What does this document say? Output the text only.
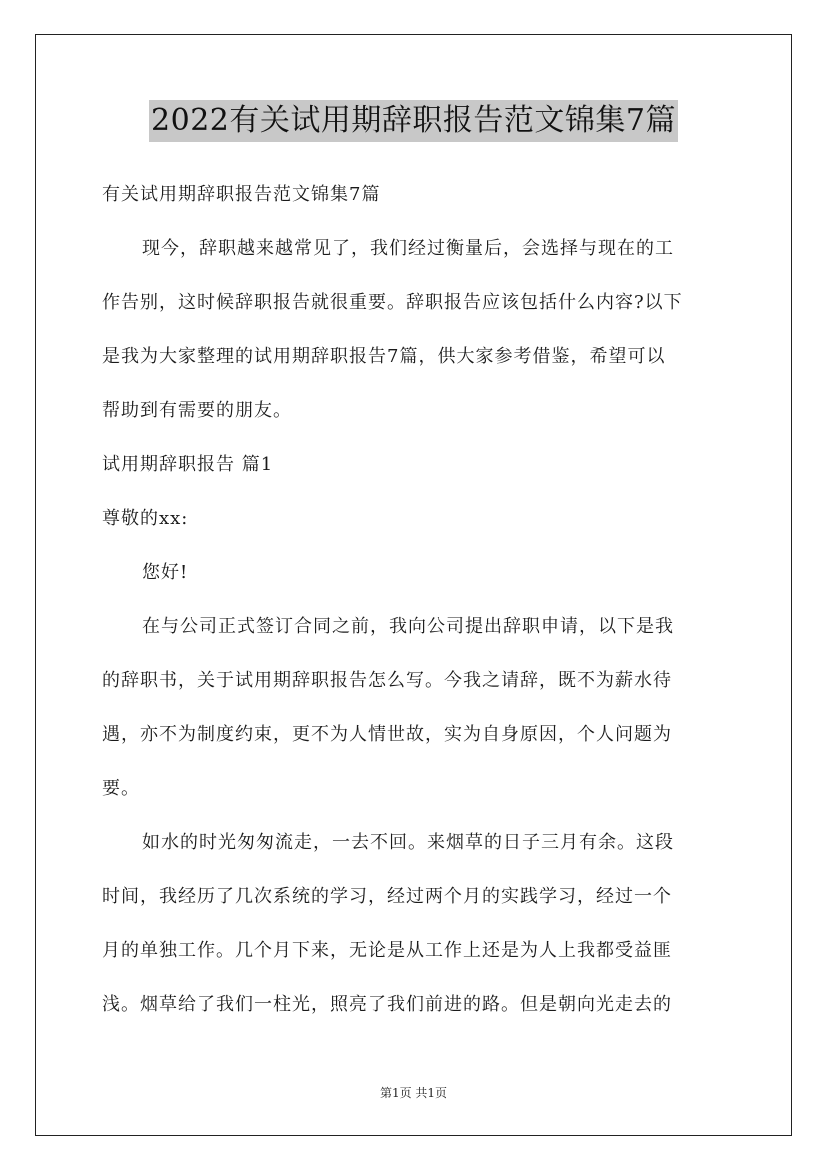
2022有关试用期辞职报告范文锦集7篇
有关试用期辞职报告范文锦集7篇
现今，辞职越来越常见了，我们经过衡量后，会选择与现在的工
作告别，这时候辞职报告就很重要。辞职报告应该包括什么内容?以下
是我为大家整理的试用期辞职报告7篇，供大家参考借鉴，希望可以
帮助到有需要的朋友。
试用期辞职报告 篇1
尊敬的xx:
您好!
在与公司正式签订合同之前，我向公司提出辞职申请，以下是我
的辞职书，关于试用期辞职报告怎么写。今我之请辞，既不为薪水待
遇，亦不为制度约束，更不为人情世故，实为自身原因，个人问题为
要。
如水的时光匆匆流走，一去不回。来烟草的日子三月有余。这段
时间，我经历了几次系统的学习，经过两个月的实践学习，经过一个
月的单独工作。几个月下来，无论是从工作上还是为人上我都受益匪
浅。烟草给了我们一柱光，照亮了我们前进的路。但是朝向光走去的
第1页 共1页
